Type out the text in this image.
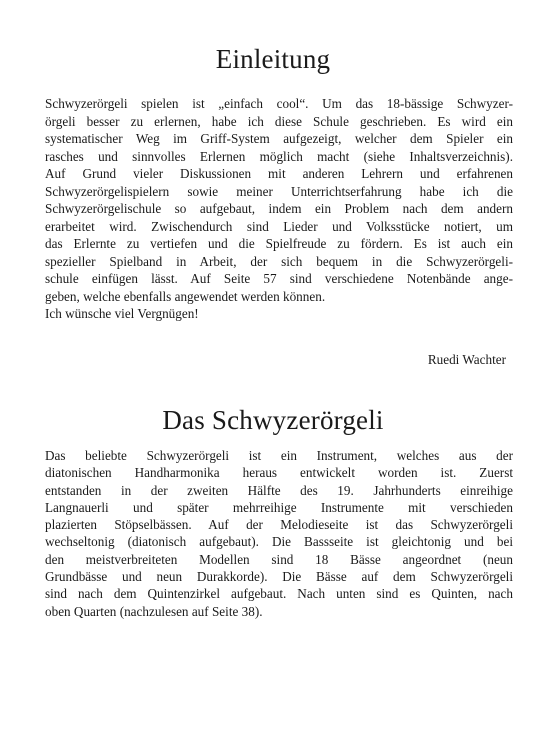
Einleitung
Schwyzerörgeli spielen ist „einfach cool“. Um das 18-bässige Schwyzer-
örgeli besser zu erlernen, habe ich diese Schule geschrieben. Es wird ein
systematischer Weg im Griff-System aufgezeigt, welcher dem Spieler ein
rasches und sinnvolles Erlernen möglich macht (siehe Inhaltsverzeichnis).
Auf Grund vieler Diskussionen mit anderen Lehrern und erfahrenen
Schwyzerörgelispielern sowie meiner Unterrichtserfahrung habe ich die
Schwyzerörgelischule so aufgebaut, indem ein Problem nach dem andern
erarbeitet wird. Zwischendurch sind Lieder und Volksstücke notiert, um
das Erlernte zu vertiefen und die Spielfreude zu fördern. Es ist auch ein
spezieller Spielband in Arbeit, der sich bequem in die Schwyzerörgeli-
schule einfügen lässt. Auf Seite 57 sind verschiedene Notenbände ange-
geben, welche ebenfalls angewendet werden können.
Ich wünsche viel Vergnügen!

Ruedi Wachter

Das Schwyzerörgeli
Das beliebte Schwyzerörgeli ist ein Instrument, welches aus der
diatonischen Handharmonika heraus entwickelt worden ist. Zuerst
entstanden in der zweiten Hälfte des 19. Jahrhunderts einreihige
Langnauerli und später mehrreihige Instrumente mit verschieden
plazierten Stöpselbässen. Auf der Melodieseite ist das Schwyzerörgeli
wechseltonig (diatonisch aufgebaut). Die Bassseite ist gleichtonig und bei
den meistverbreiteten Modellen sind 18 Bässe angeordnet (neun
Grundbässe und neun Durakkorde). Die Bässe auf dem Schwyzerörgeli
sind nach dem Quintenzirkel aufgebaut. Nach unten sind es Quinten, nach
oben Quarten (nachzulesen auf Seite 38).
